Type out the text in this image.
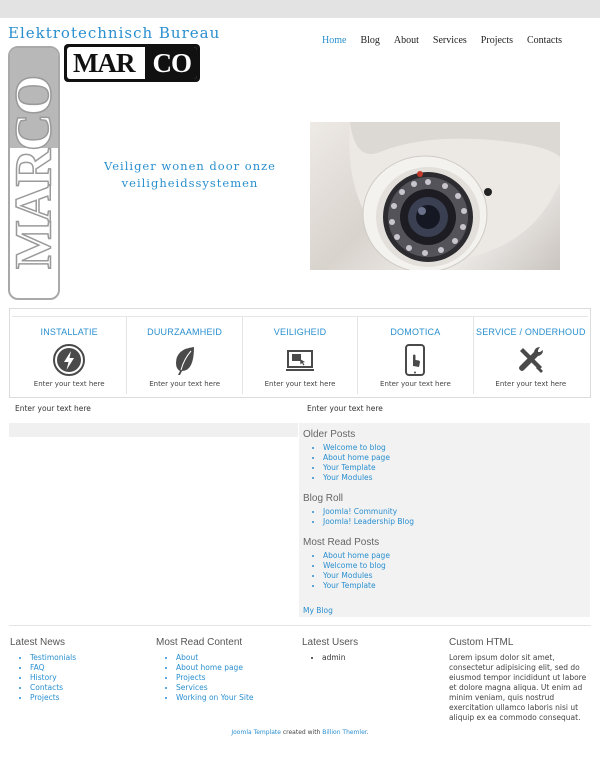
Elektrotechnisch Bureau	Home Blog About Services Projects Contacts
MAR CO
MARCO	Veiliger wonen door onze
veiligheidssystemen
INSTALLATIE

Enter your text here

DUURZAAMHEID

Enter your text here

VEILIGHEID

Enter your text here

DOMOTICA

Enter your text here

SERVICE / ONDERHOUD

Enter your text here

Enter your text here	Enter your text here
Older Posts
• Welcome to blog
• About home page
• Your Template
• Your Modules
Blog Roll
• Joomla! Community
• Joomla! Leadership Blog
Most Read Posts
• About home page
• Welcome to blog
• Your Modules
• Your Template
My Blog
Latest News
• Testimonials
• FAQ
• History
• Contacts
• Projects
Most Read Content
• About
• About home page
• Projects
• Services
• Working on Your Site
Latest Users
• admin
Custom HTML

Lorem ipsum dolor sit amet, consectetur adipisicing elit, sed do eiusmod tempor incididunt ut labore et dolore magna aliqua. Ut enim ad minim veniam, quis nostrud exercitation ullamco laboris nisi ut aliquip ex ea commodo consequat.

Joomla Template created with Billion Themler.
